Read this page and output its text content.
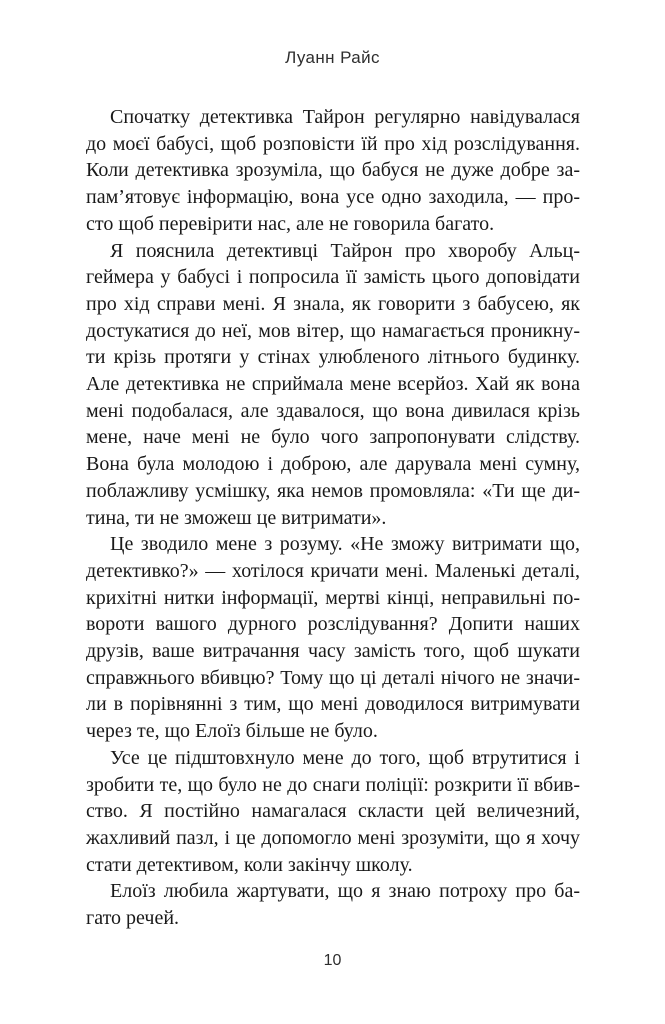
Луанн Райс
Спочатку детективка Тайрон регулярно навідувалася
до моєї бабусі, щоб розповісти їй про хід розслідування.
Коли детективка зрозуміла, що бабуся не дуже добре за-
пам’ятовує інформацію, вона усе одно заходила, — про-
сто щоб перевірити нас, але не говорила багато.
Я пояснила детективці Тайрон про хворобу Альц-
геймера у бабусі і попросила її замість цього доповідати
про хід справи мені. Я знала, як говорити з бабусею, як
достукатися до неї, мов вітер, що намагається проникну-
ти крізь протяги у стінах улюбленого літнього будинку.
Але детективка не сприймала мене всерйоз. Хай як вона
мені подобалася, але здавалося, що вона дивилася крізь
мене, наче мені не було чого запропонувати слідству.
Вона була молодою і доброю, але дарувала мені сумну,
поблажливу усмішку, яка немов промовляла: «Ти ще ди-
тина, ти не зможеш це витримати».
Це зводило мене з розуму. «Не зможу витримати що,
детективко?» — хотілося кричати мені. Маленькі деталі,
крихітні нитки інформації, мертві кінці, неправильні по-
вороти вашого дурного розслідування? Допити наших
друзів, ваше витрачання часу замість того, щоб шукати
справжнього вбивцю? Тому що ці деталі нічого не значи-
ли в порівнянні з тим, що мені доводилося витримувати
через те, що Елоїз більше не було.
Усе це підштовхнуло мене до того, щоб втрутитися і
зробити те, що було не до снаги поліції: розкрити її вбив-
ство. Я постійно намагалася скласти цей величезний,
жахливий пазл, і це допомогло мені зрозуміти, що я хочу
стати детективом, коли закінчу школу.
Елоїз любила жартувати, що я знаю потроху про ба-
гато речей.
10
